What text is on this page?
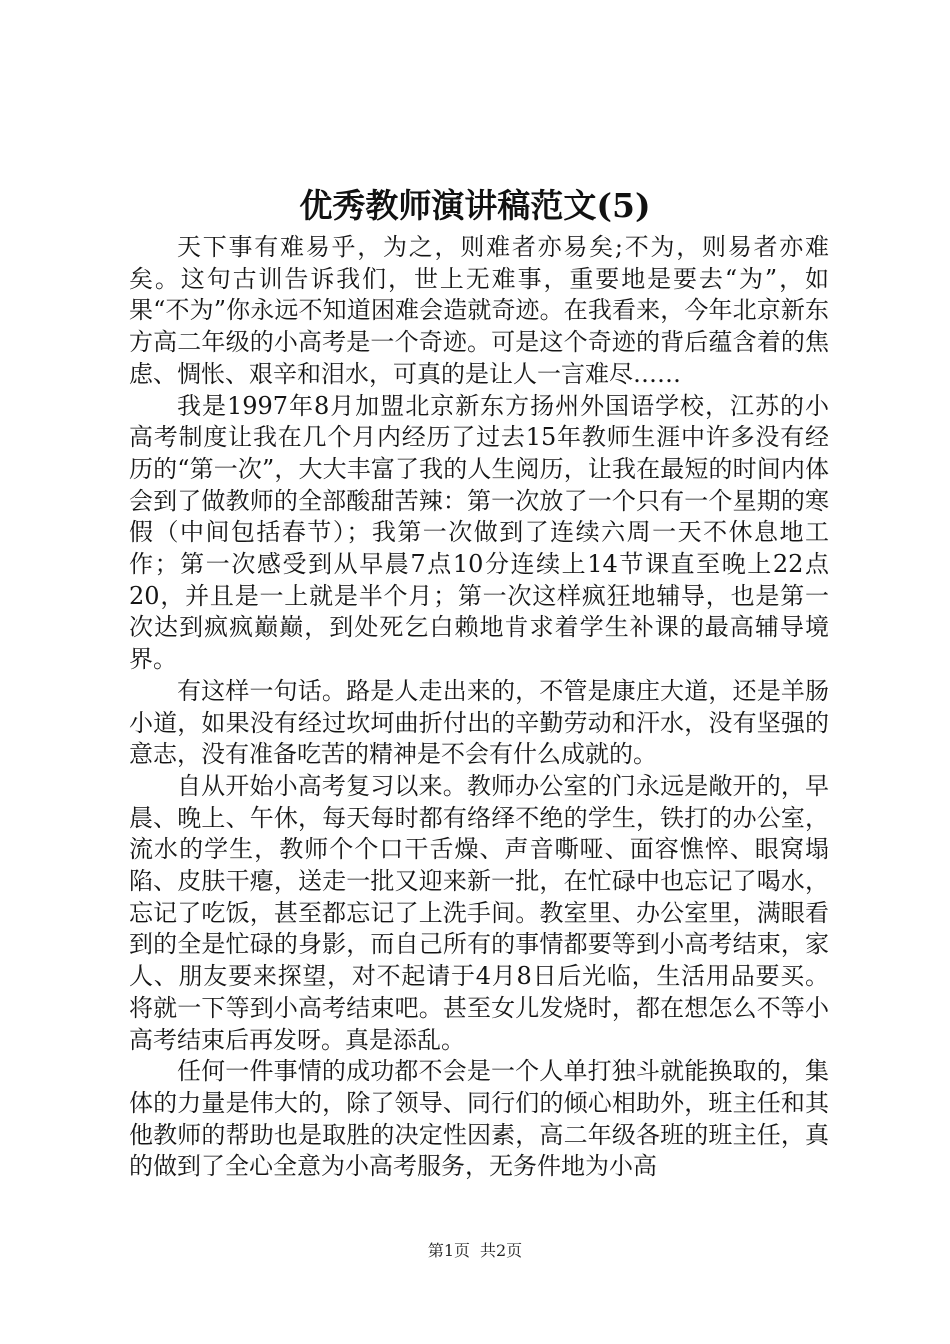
优秀教师演讲稿范文(5)

天下事有难易乎，为之，则难者亦易矣;不为，则易者亦难矣。这句古训告诉我们，世上无难事，重要地是要去“为”，如果“不为”你永远不知道困难会造就奇迹。在我看来，今年北京新东方高二年级的小高考是一个奇迹。可是这个奇迹的背后蕴含着的焦虑、惆怅、艰辛和泪水，可真的是让人一言难尽……

我是1997年8月加盟北京新东方扬州外国语学校，江苏的小高考制度让我在几个月内经历了过去15年教师生涯中许多没有经历的“第一次”，大大丰富了我的人生阅历，让我在最短的时间内体会到了做教师的全部酸甜苦辣：第一次放了一个只有一个星期的寒假（中间包括春节）；我第一次做到了连续六周一天不休息地工作；第一次感受到从早晨7点10分连续上14节课直至晚上22点20，并且是一上就是半个月；第一次这样疯狂地辅导，也是第一次达到疯疯巅巅，到处死乞白赖地肯求着学生补课的最高辅导境界。

有这样一句话。路是人走出来的，不管是康庄大道，还是羊肠小道，如果没有经过坎坷曲折付出的辛勤劳动和汗水，没有坚强的意志，没有准备吃苦的精神是不会有什么成就的。

自从开始小高考复习以来。教师办公室的门永远是敞开的，早晨、晚上、午休，每天每时都有络绎不绝的学生，铁打的办公室，流水的学生，教师个个口干舌燥、声音嘶哑、面容憔悴、眼窝塌陷、皮肤干瘪，送走一批又迎来新一批，在忙碌中也忘记了喝水，忘记了吃饭，甚至都忘记了上洗手间。教室里、办公室里，满眼看到的全是忙碌的身影，而自己所有的事情都要等到小高考结束，家人、朋友要来探望，对不起请于4月8日后光临，生活用品要买。将就一下等到小高考结束吧。甚至女儿发烧时，都在想怎么不等小高考结束后再发呀。真是添乱。

任何一件事情的成功都不会是一个人单打独斗就能换取的，集体的力量是伟大的，除了领导、同行们的倾心相助外，班主任和其他教师的帮助也是取胜的决定性因素，高二年级各班的班主任，真的做到了全心全意为小高考服务，无务件地为小高

第1页 共2页
